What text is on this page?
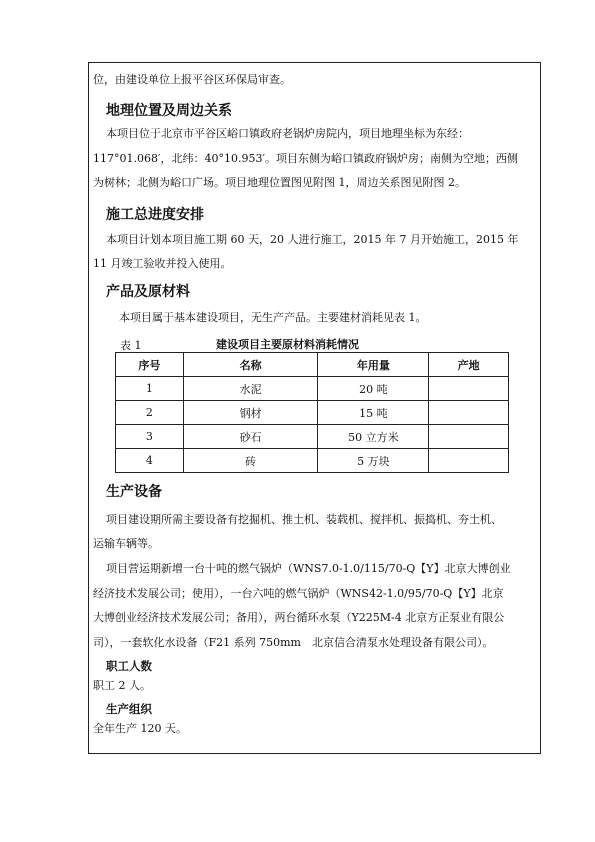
位，由建设单位上报平谷区环保局审查。
地理位置及周边关系
本项目位于北京市平谷区峪口镇政府老锅炉房院内，项目地理坐标为东经：
117°01.068′，北纬：40°10.953′。项目东侧为峪口镇政府锅炉房；南侧为空地；西侧
为树林；北侧为峪口广场。项目地理位置图见附图 1，周边关系图见附图 2。
施工总进度安排
本项目计划本项目施工期 60 天，20 人进行施工，2015 年 7 月开始施工，2015 年
11 月竣工验收并投入使用。
产品及原材料
本项目属于基本建设项目，无生产产品。主要建材消耗见表 1。
表 1	建设项目主要原材料消耗情况
序号	名称	年用量	产地
1	水泥	20 吨	
2	钢材	15 吨	
3	砂石	50 立方米	
4	砖	5 万块	
生产设备
项目建设期所需主要设备有挖掘机、推土机、装载机、搅拌机、振捣机、夯土机、
运输车辆等。
项目营运期新增一台十吨的燃气锅炉（WNS7.0-1.0/115/70-Q【Y】北京大博创业
经济技术发展公司；使用），一台六吨的燃气锅炉（WNS42-1.0/95/70-Q【Y】北京
大博创业经济技术发展公司；备用），两台循环水泵（Y225M-4 北京方正泵业有限公
司），一套软化水设备（F21 系列 750mm　北京信合清泵水处理设备有限公司）。
职工人数
职工 2 人。
生产组织
全年生产 120 天。
